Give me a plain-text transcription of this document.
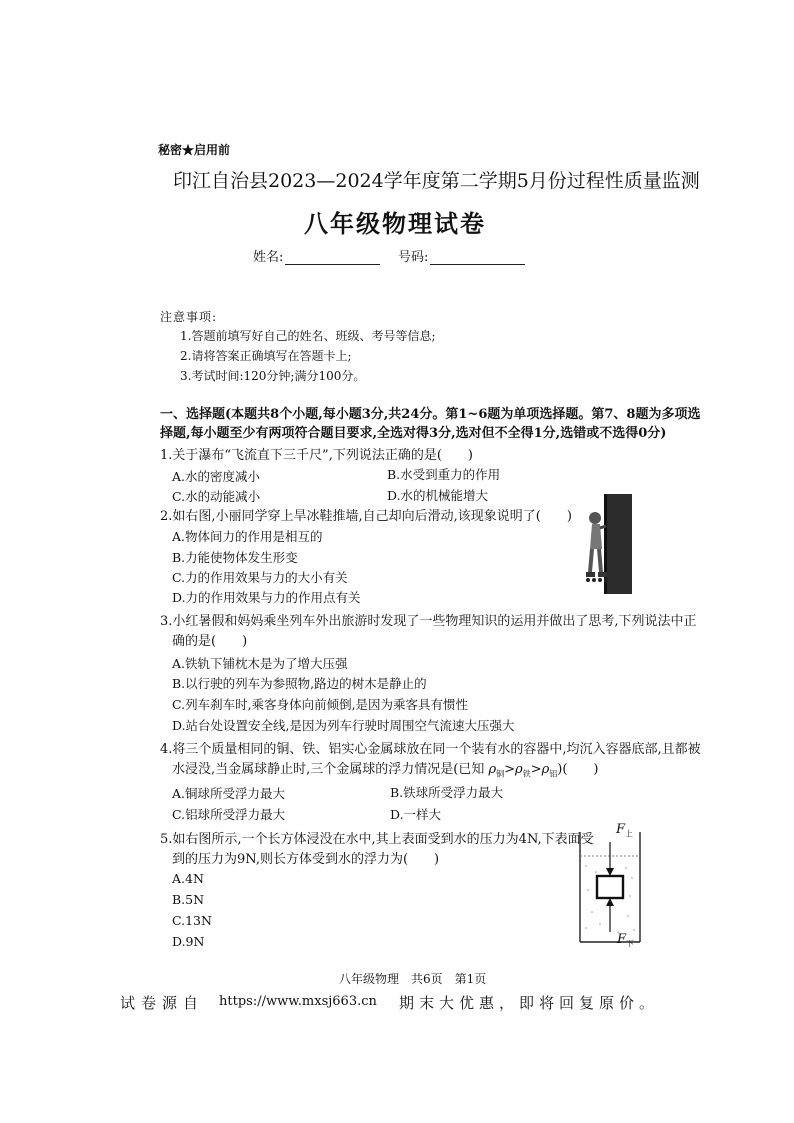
秘密★启用前
印江自治县2023—2024学年度第二学期5月份过程性质量监测
八年级物理试卷
姓名:	号码:
注意事项:
1.答题前填写好自己的姓名、班级、考号等信息;
2.请将答案正确填写在答题卡上;
3.考试时间:120分钟;满分100分。
一、选择题(本题共8个小题,每小题3分,共24分。第1~6题为单项选择题。第7、8题为多项选
择题,每小题至少有两项符合题目要求,全选对得3分,选对但不全得1分,选错或不选得0分)
1.关于瀑布“飞流直下三千尺”,下列说法正确的是(　　)
A.水的密度减小	B.水受到重力的作用
C.水的动能减小	D.水的机械能增大
2.如右图,小丽同学穿上旱冰鞋推墙,自己却向后滑动,该现象说明了(　　)
A.物体间力的作用是相互的
B.力能使物体发生形变
C.力的作用效果与力的大小有关
D.力的作用效果与力的作用点有关
3.小红暑假和妈妈乘坐列车外出旅游时发现了一些物理知识的运用并做出了思考,下列说法中正
确的是(　　)
A.铁轨下铺枕木是为了增大压强
B.以行驶的列车为参照物,路边的树木是静止的
C.列车刹车时,乘客身体向前倾倒,是因为乘客具有惯性
D.站台处设置安全线,是因为列车行驶时周围空气流速大压强大
4.将三个质量相同的铜、铁、铝实心金属球放在同一个装有水的容器中,均沉入容器底部,且都被
水浸没,当金属球静止时,三个金属球的浮力情况是(已知 $\rho_铜>\rho_铁>\rho_铝$)(　　)
A.铜球所受浮力最大	B.铁球所受浮力最大
C.铝球所受浮力最大	D.一样大
5.如右图所示,一个长方体浸没在水中,其上表面受到水的压力为4N,下表面受
到的压力为9N,则长方体受到水的浮力为(　　)
A.4N
B.5N
C.13N
D.9N
$F_上$
$F_下$
八年级物理　共6页　第1页
试卷源自 https://www.mxsj663.cn 期末大优惠，即将回复原价。
